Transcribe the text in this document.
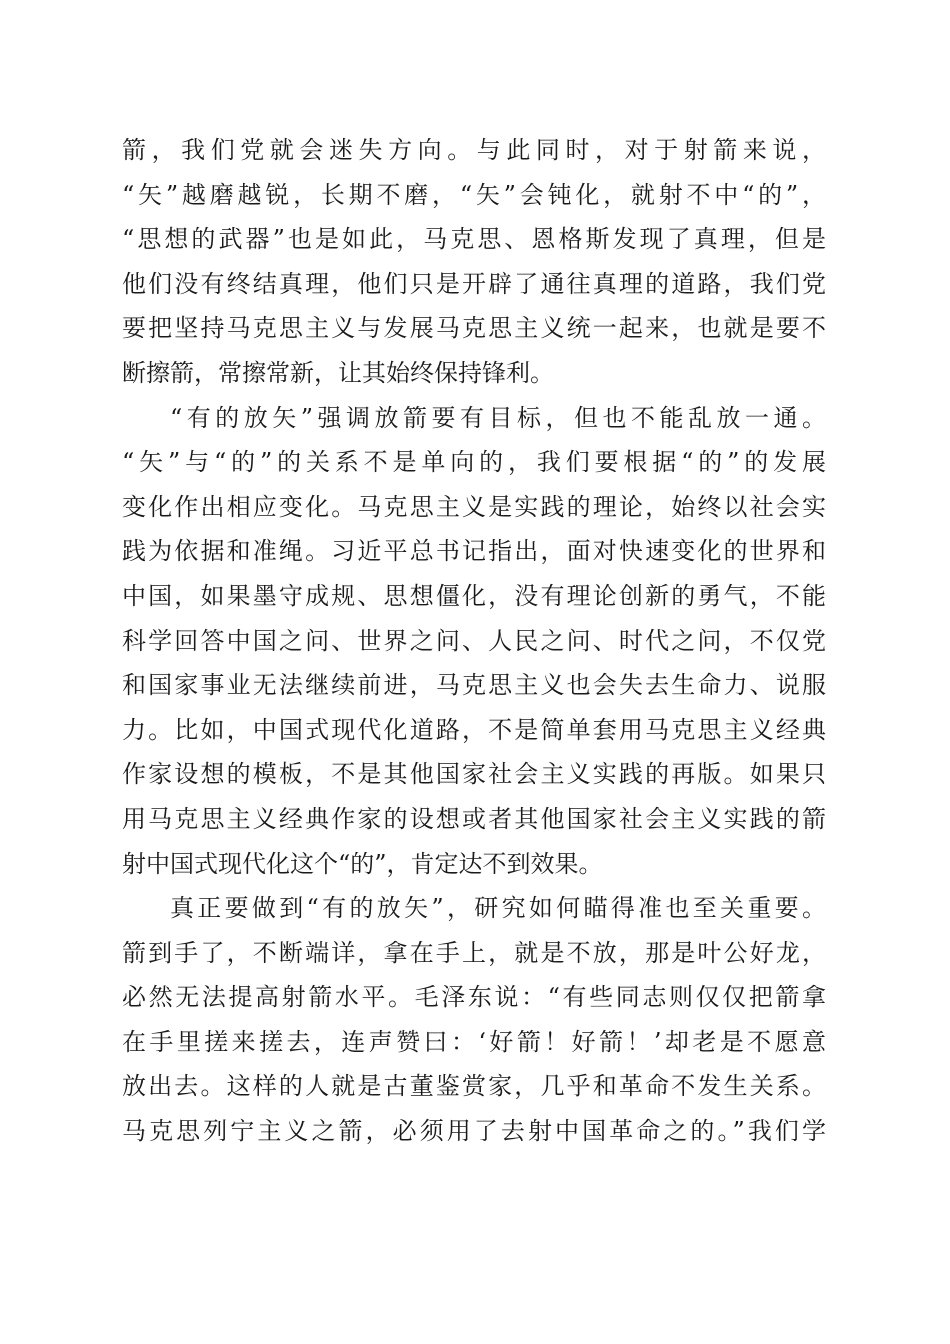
箭，我们党就会迷失方向。与此同时，对于射箭来说，
“矢”越磨越锐，长期不磨，“矢”会钝化，就射不中“的”，
“思想的武器”也是如此，马克思、恩格斯发现了真理，但是
他们没有终结真理，他们只是开辟了通往真理的道路，我们党
要把坚持马克思主义与发展马克思主义统一起来，也就是要不
断擦箭，常擦常新，让其始终保持锋利。
“有的放矢”强调放箭要有目标，但也不能乱放一通。
“矢”与“的”的关系不是单向的，我们要根据“的”的发展
变化作出相应变化。马克思主义是实践的理论，始终以社会实
践为依据和准绳。习近平总书记指出，面对快速变化的世界和
中国，如果墨守成规、思想僵化，没有理论创新的勇气，不能
科学回答中国之问、世界之问、人民之问、时代之问，不仅党
和国家事业无法继续前进，马克思主义也会失去生命力、说服
力。比如，中国式现代化道路，不是简单套用马克思主义经典
作家设想的模板，不是其他国家社会主义实践的再版。如果只
用马克思主义经典作家的设想或者其他国家社会主义实践的箭
射中国式现代化这个“的”，肯定达不到效果。
真正要做到“有的放矢”，研究如何瞄得准也至关重要。
箭到手了，不断端详，拿在手上，就是不放，那是叶公好龙，
必然无法提高射箭水平。毛泽东说：“有些同志则仅仅把箭拿
在手里搓来搓去，连声赞曰：‘好箭！好箭！’却老是不愿意
放出去。这样的人就是古董鉴赏家，几乎和革命不发生关系。
马克思列宁主义之箭，必须用了去射中国革命之的。”我们学
